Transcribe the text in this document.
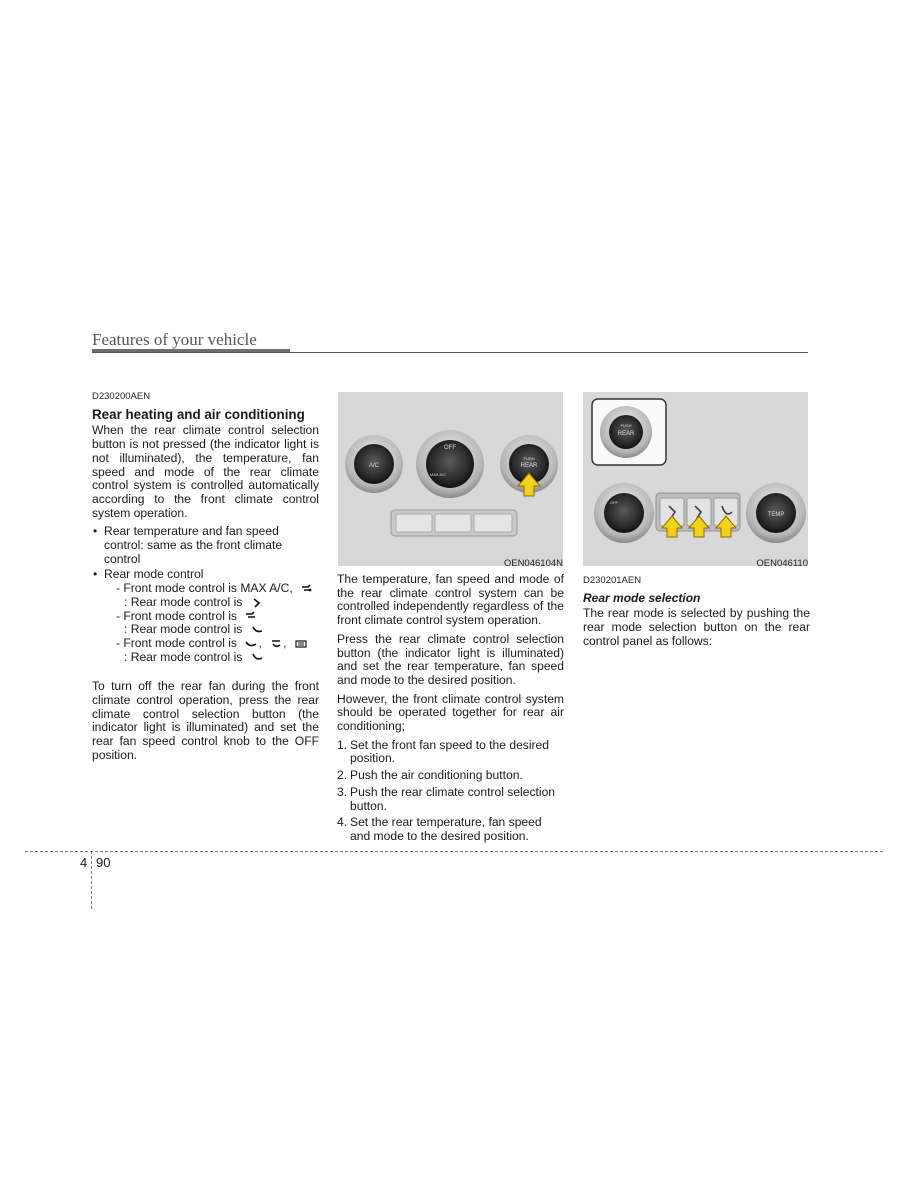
Features of your vehicle
D230200AEN
Rear heating and air conditioning

When the rear climate control selection button is not pressed (the indicator light is not illuminated), the temperature, fan speed and mode of the rear climate control system is controlled automatically according to the front climate control system operation.

• Rear temperature and fan speed control: same as the front climate control
• Rear mode control
- Front mode control is MAX A/C,
: Rear mode control is
- Front mode control is
: Rear mode control is
- Front mode control is , ,
: Rear mode control is

To turn off the rear fan during the front climate control operation, press the rear climate control selection button (the indicator light is illuminated) and set the rear fan speed control knob to the OFF position.

A/C
OFF
MAX A/C
PUSH
REAR
OEN046104N

The temperature, fan speed and mode of the rear climate control system can be controlled independently regardless of the front climate control system operation.

Press the rear climate control selection button (the indicator light is illuminated) and set the rear temperature, fan speed and mode to the desired position.

However, the front climate control system should be operated together for rear air conditioning;

1. Set the front fan speed to the desired position.
2. Push the air conditioning button.
3. Push the rear climate control selection button.
4. Set the rear temperature, fan speed and mode to the desired position.
PUSH
REAR
OFF
TEMP
OEN046110
D230201AEN
Rear mode selection

The rear mode is selected by pushing the rear mode selection button on the rear control panel as follows:

4 90
